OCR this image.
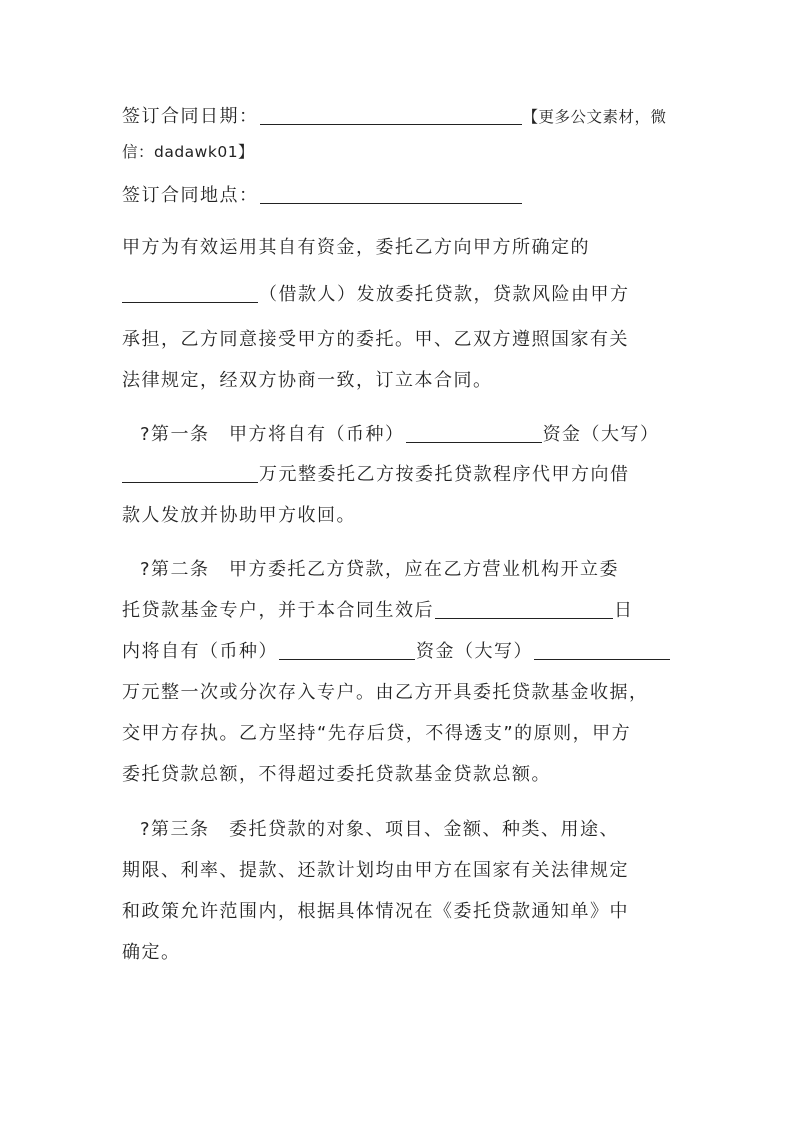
签订合同日期：	【更多公文素材，微
信：dadawk01】
签订合同地点：
甲方为有效运用其自有资金，委托乙方向甲方所确定的
（借款人）发放委托贷款，贷款风险由甲方
承担，乙方同意接受甲方的委托。甲、乙双方遵照国家有关
法律规定，经双方协商一致，订立本合同。
?第一条　甲方将自有（币种）	资金（大写）
万元整委托乙方按委托贷款程序代甲方向借
款人发放并协助甲方收回。
?第二条　甲方委托乙方贷款，应在乙方营业机构开立委
托贷款基金专户，并于本合同生效后	日
内将自有（币种）	资金（大写）
万元整一次或分次存入专户。由乙方开具委托贷款基金收据，
交甲方存执。乙方坚持“先存后贷，不得透支”的原则，甲方
委托贷款总额，不得超过委托贷款基金贷款总额。
?第三条　委托贷款的对象、项目、金额、种类、用途、
期限、利率、提款、还款计划均由甲方在国家有关法律规定
和政策允许范围内，根据具体情况在《委托贷款通知单》中
确定。
